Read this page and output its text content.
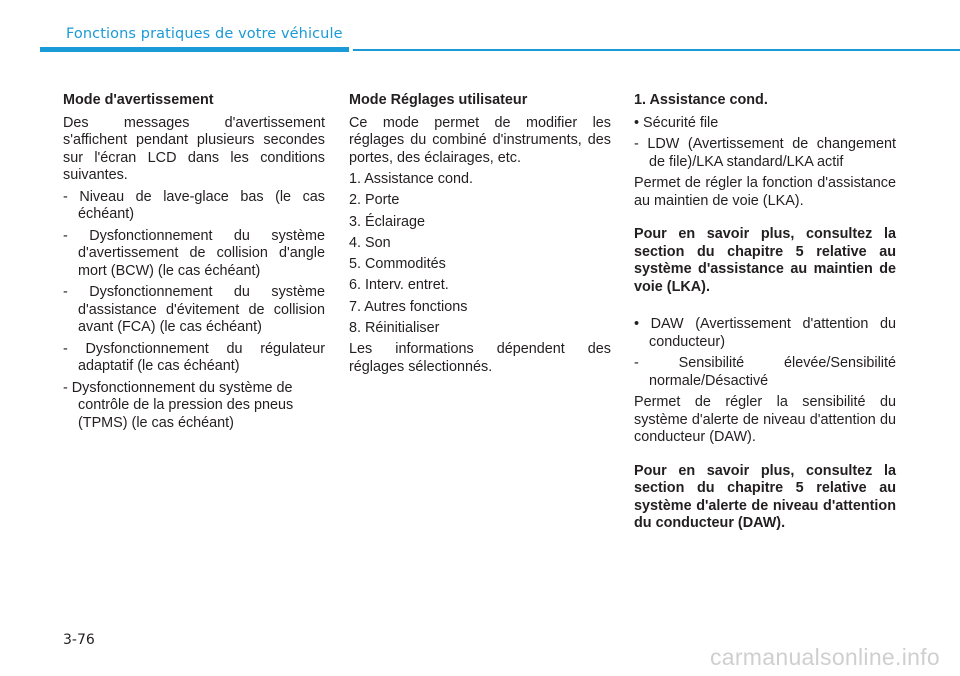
Fonctions pratiques de votre véhicule
Mode d'avertissement
Des messages d'avertissement s'affichent pendant plusieurs secondes sur l'écran LCD dans les conditions suivantes.
- Niveau de lave-glace bas (le cas échéant)
- Dysfonctionnement du système d'avertissement de collision d'angle mort (BCW) (le cas échéant)
- Dysfonctionnement du système d'assistance d'évitement de collision avant (FCA) (le cas échéant)
- Dysfonctionnement du régulateur adaptatif (le cas échéant)
- Dysfonctionnement du système de contrôle de la pression des pneus (TPMS) (le cas échéant)
Mode Réglages utilisateur
Ce mode permet de modifier les réglages du combiné d'instruments, des portes, des éclairages, etc.
1. Assistance cond.
2. Porte
3. Éclairage
4. Son
5. Commodités
6. Interv. entret.
7. Autres fonctions
8. Réinitialiser
Les informations dépendent des réglages sélectionnés.
1. Assistance cond.
• Sécurité file
- LDW (Avertissement de changement de file)/LKA standard/LKA actif
Permet de régler la fonction d'assistance au maintien de voie (LKA).
Pour en savoir plus, consultez la section du chapitre 5 relative au système d'assistance au maintien de voie (LKA).
• DAW (Avertissement d'attention du conducteur)
- Sensibilité élevée/Sensibilité normale/Désactivé
Permet de régler la sensibilité du système d'alerte de niveau d'attention du conducteur (DAW).
Pour en savoir plus, consultez la section du chapitre 5 relative au système d'alerte de niveau d'attention du conducteur (DAW).
3-76
carmanualsonline.info
